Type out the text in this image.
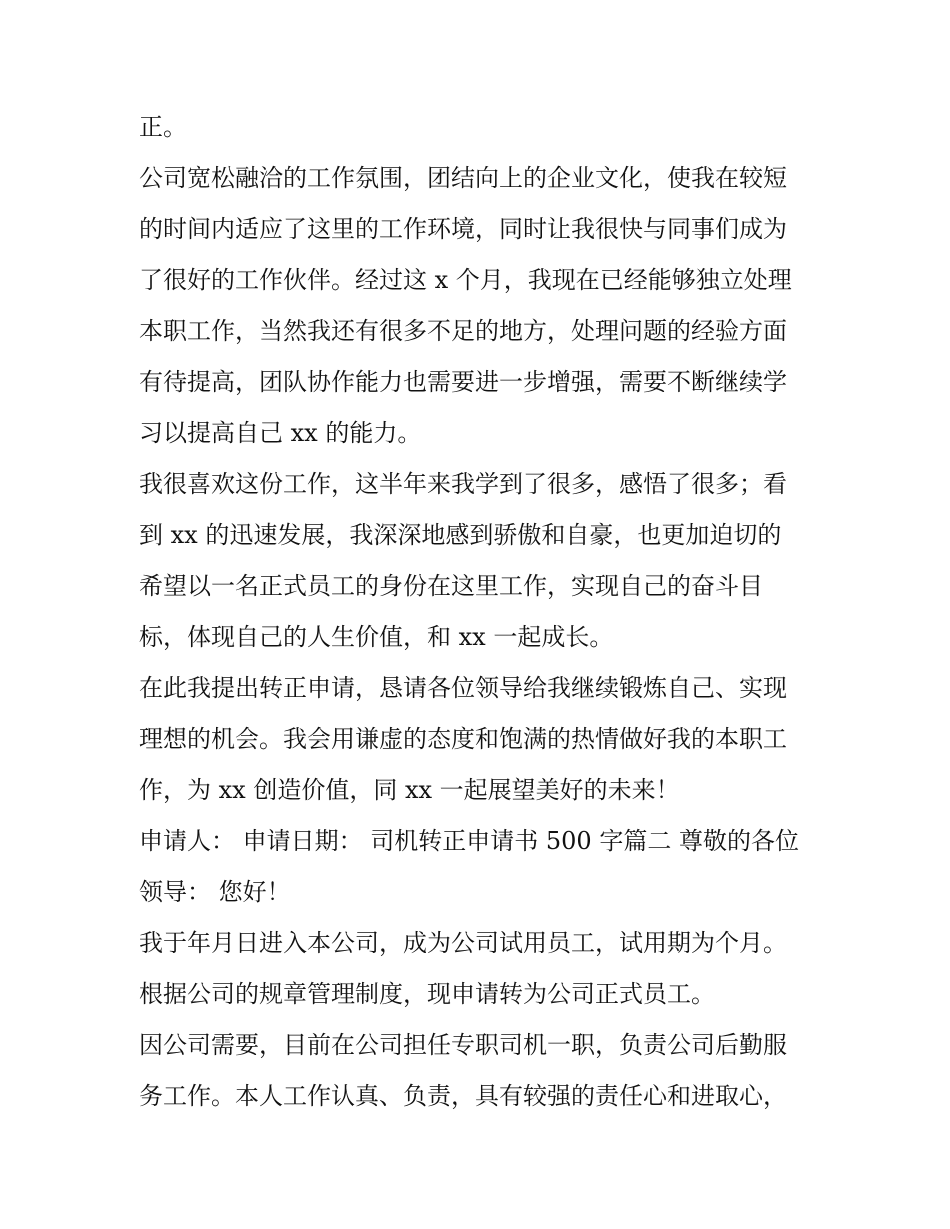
正。
公司宽松融洽的工作氛围，团结向上的企业文化，使我在较短
的时间内适应了这里的工作环境，同时让我很快与同事们成为
了很好的工作伙伴。经过这 x 个月，我现在已经能够独立处理
本职工作，当然我还有很多不足的地方，处理问题的经验方面
有待提高，团队协作能力也需要进一步增强，需要不断继续学
习以提高自己 xx 的能力。
我很喜欢这份工作，这半年来我学到了很多，感悟了很多；看
到 xx 的迅速发展，我深深地感到骄傲和自豪，也更加迫切的
希望以一名正式员工的身份在这里工作，实现自己的奋斗目
标，体现自己的人生价值，和 xx 一起成长。
在此我提出转正申请，恳请各位领导给我继续锻炼自己、实现
理想的机会。我会用谦虚的态度和饱满的热情做好我的本职工
作，为 xx 创造价值，同 xx 一起展望美好的未来！
申请人： 申请日期： 司机转正申请书 500 字篇二 尊敬的各位
领导： 您好！
我于年月日进入本公司，成为公司试用员工，试用期为个月。
根据公司的规章管理制度，现申请转为公司正式员工。
因公司需要，目前在公司担任专职司机一职，负责公司后勤服
务工作。本人工作认真、负责，具有较强的责任心和进取心，
